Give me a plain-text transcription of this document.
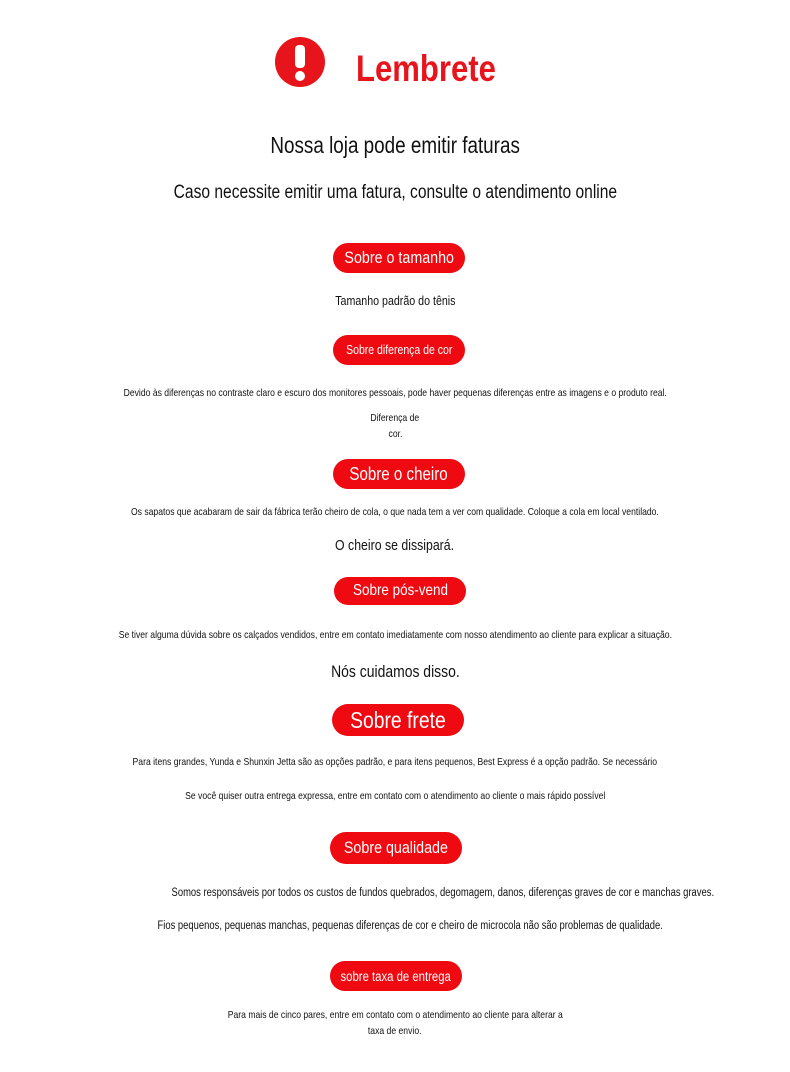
Lembrete
Nossa loja pode emitir faturas
Caso necessite emitir uma fatura, consulte o atendimento online
Sobre o tamanho
Tamanho padrão do tênis
Sobre diferença de cor
Devido às diferenças no contraste claro e escuro dos monitores pessoais, pode haver pequenas diferenças entre as imagens e o produto real.
Diferença de
cor.
Sobre o cheiro
Os sapatos que acabaram de sair da fábrica terão cheiro de cola, o que nada tem a ver com qualidade. Coloque a cola em local ventilado.
O cheiro se dissipará.
Sobre pós-vend
Se tiver alguma dúvida sobre os calçados vendidos, entre em contato imediatamente com nosso atendimento ao cliente para explicar a situação.
Nós cuidamos disso.
Sobre frete
Para itens grandes, Yunda e Shunxin Jetta são as opções padrão, e para itens pequenos, Best Express é a opção padrão. Se necessário
Se você quiser outra entrega expressa, entre em contato com o atendimento ao cliente o mais rápido possível
Sobre qualidade
Somos responsáveis ​​por todos os custos de fundos quebrados, degomagem, danos, diferenças graves de cor e manchas graves.
Fios pequenos, pequenas manchas, pequenas diferenças de cor e cheiro de microcola não são problemas de qualidade.
sobre taxa de entrega
Para mais de cinco pares, entre em contato com o atendimento ao cliente para alterar a
taxa de envio.
